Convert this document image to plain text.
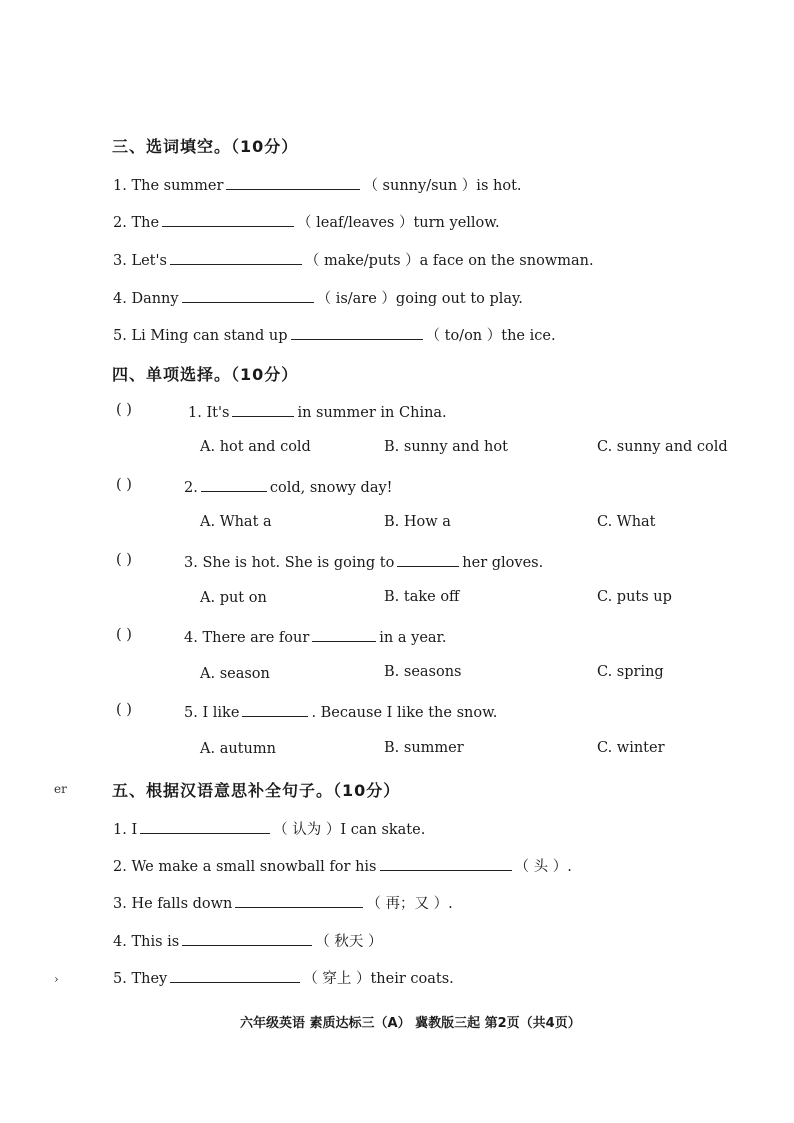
er
›
三、选词填空。（10分）
1. The summer	（ sunny/sun ）is hot.
2. The	（ leaf/leaves ）turn yellow.
3. Let's	（ make/puts ）a face on the snowman.
4. Danny	（ is/are ）going out to play.
5. Li Ming can stand up	（ to/on ）the ice.
四、单项选择。（10分）
( )	1. It's	in summer in China.
A. hot and cold	B. sunny and hot	C. sunny and cold
( )	2.	cold, snowy day!
A. What a	B. How a	C. What
( )	3. She is hot. She is going to	her gloves.
A. put on	B. take off	C. puts up
( )	4. There are four	in a year.
A. season	B. seasons	C. spring
( )	5. I like	. Because I like the snow.
A. autumn	B. summer	C. winter
五、根据汉语意思补全句子。（10分）
1. I	（ 认为 ）I can skate.
2. We make a small snowball for his	（ 头 ）.
3. He falls down	（ 再；又 ）.
4. This is	（ 秋天 ）
5. They	（ 穿上 ）their coats.
六年级英语 素质达标三（A） 冀教版三起 第2页（共4页）
